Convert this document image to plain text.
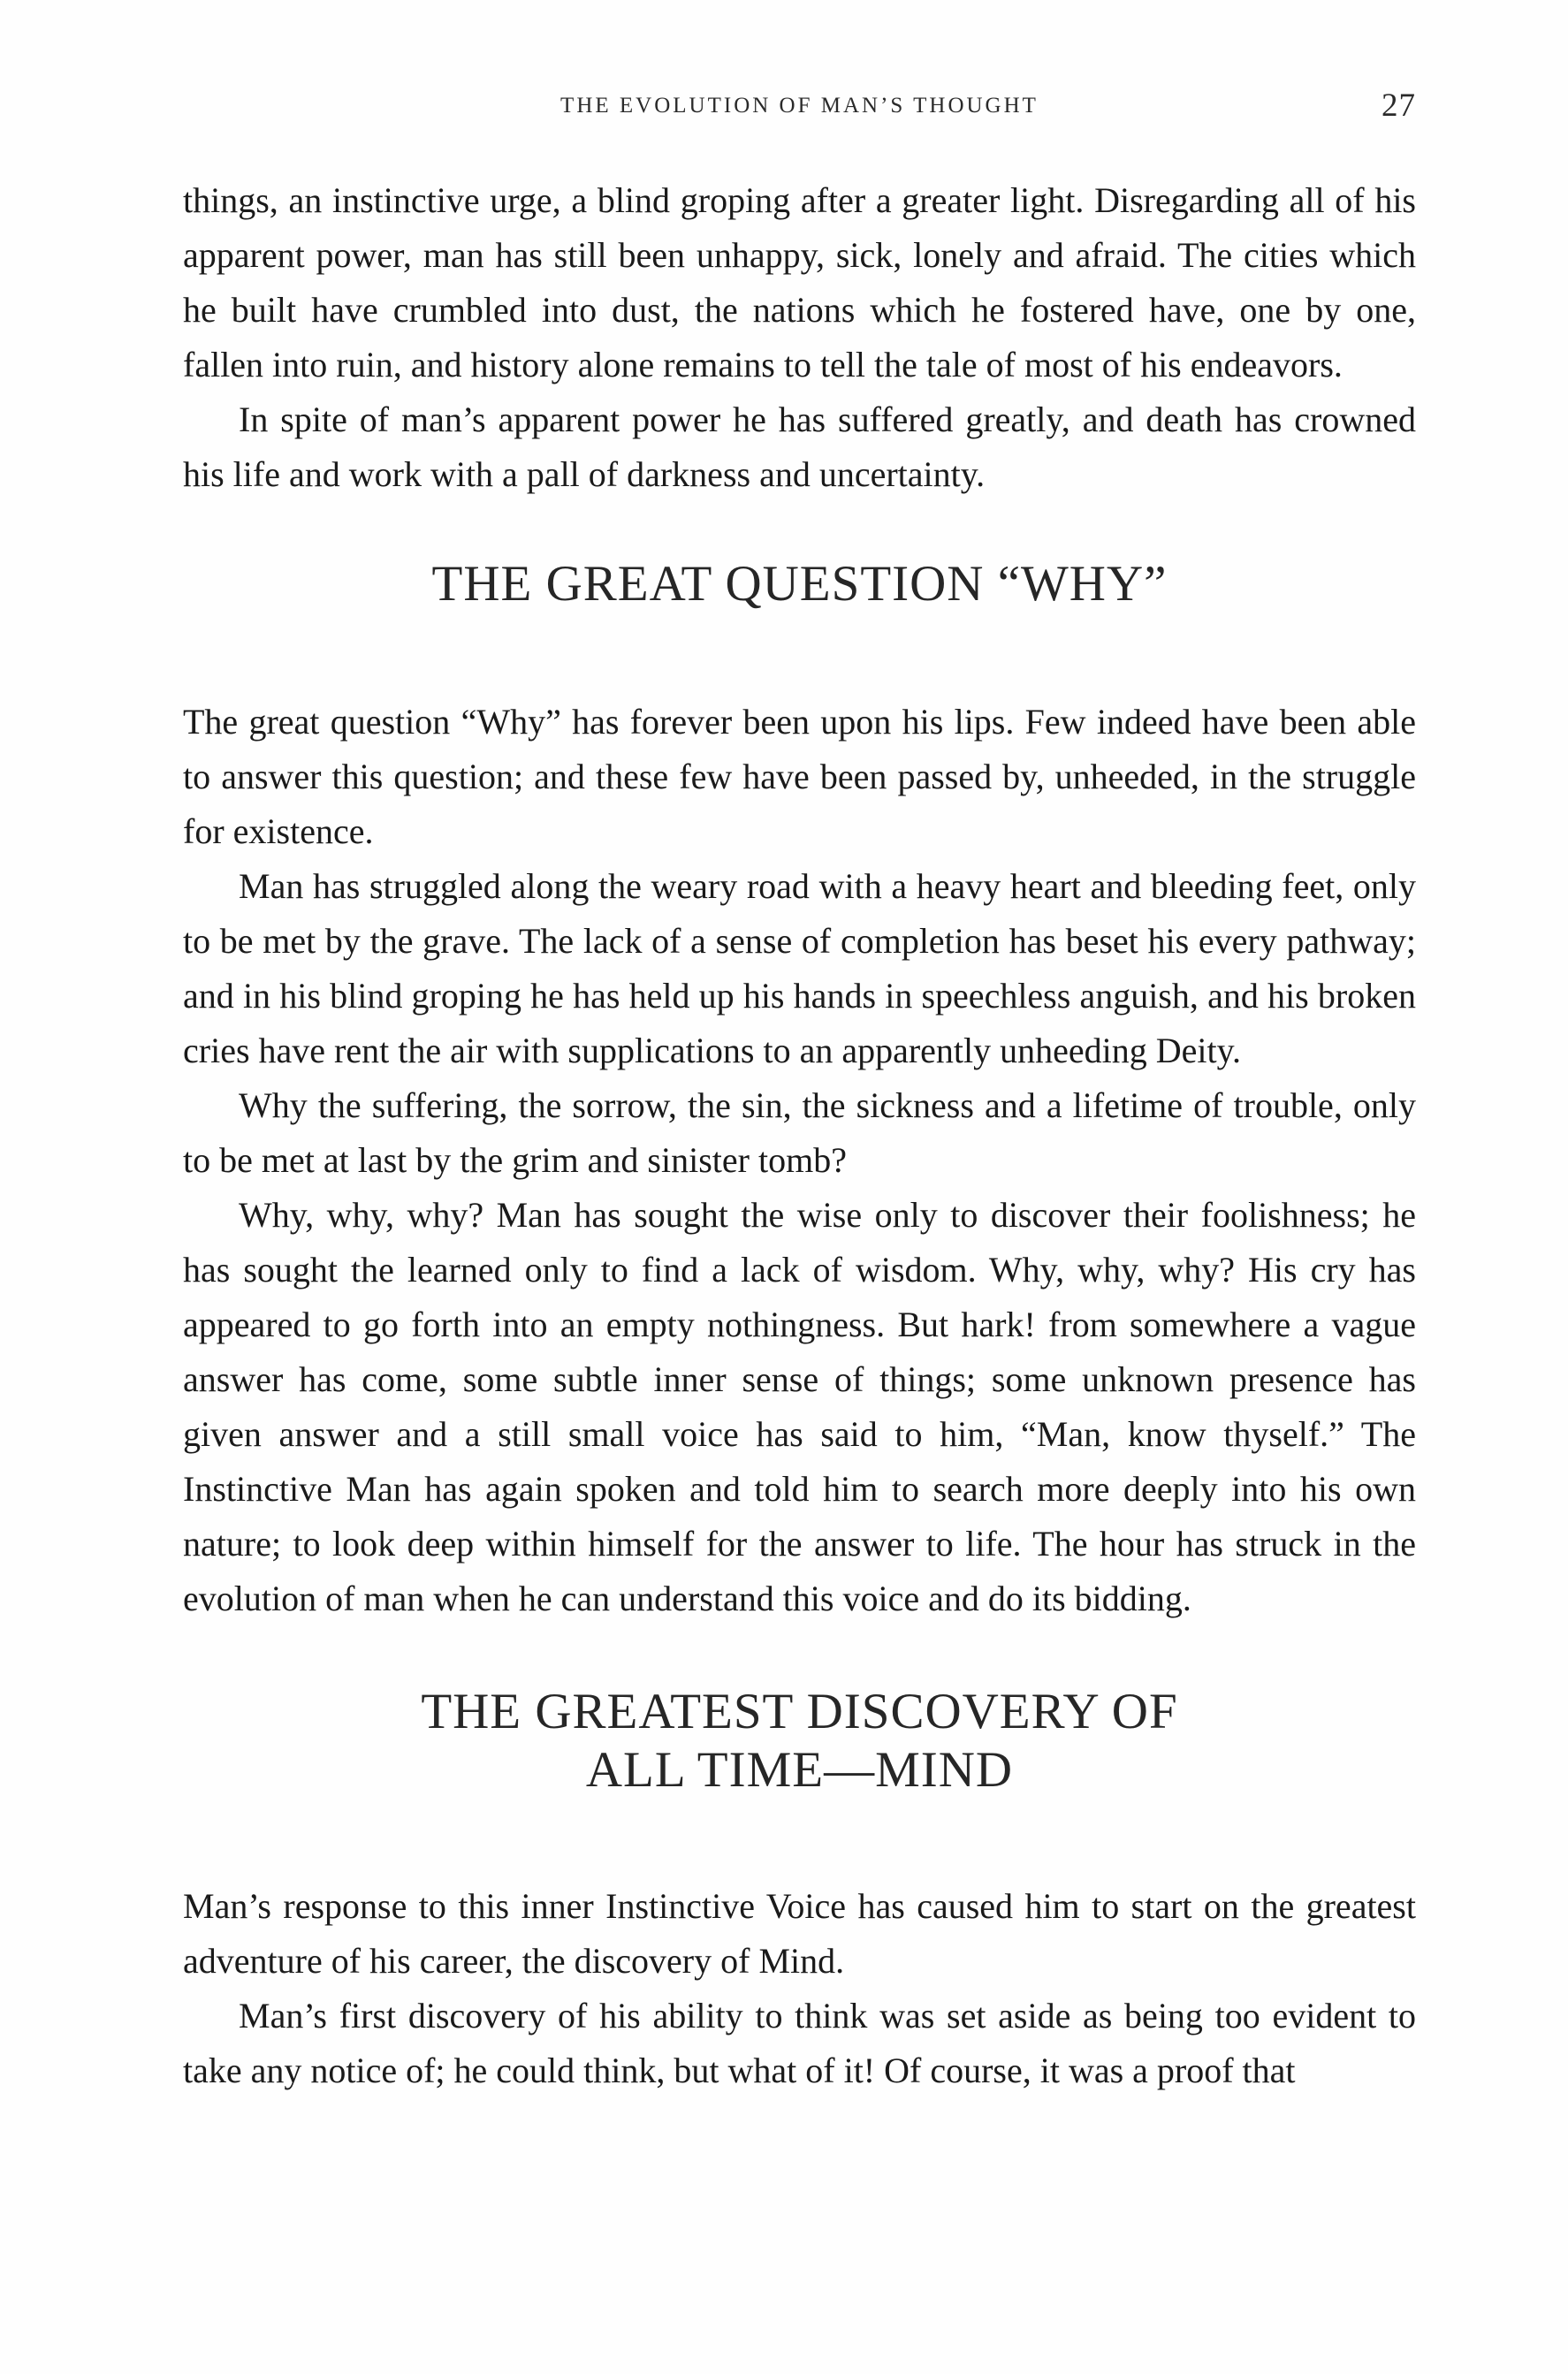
THE EVOLUTION OF MAN’S THOUGHT	27

things, an instinctive urge, a blind groping after a greater light. Disregarding all of his apparent power, man has still been unhappy, sick, lonely and afraid. The cities which he built have crumbled into dust, the nations which he fostered have, one by one, fallen into ruin, and history alone remains to tell the tale of most of his endeavors.

In spite of man’s apparent power he has suffered greatly, and death has crowned his life and work with a pall of darkness and uncertainty.

THE GREAT QUESTION “WHY”

The great question “Why” has forever been upon his lips. Few indeed have been able to answer this question; and these few have been passed by, unheeded, in the struggle for existence.

Man has struggled along the weary road with a heavy heart and bleeding feet, only to be met by the grave. The lack of a sense of completion has beset his every pathway; and in his blind groping he has held up his hands in speechless anguish, and his broken cries have rent the air with supplications to an apparently unheeding Deity.

Why the suffering, the sorrow, the sin, the sickness and a lifetime of trouble, only to be met at last by the grim and sinister tomb?

Why, why, why? Man has sought the wise only to discover their foolishness; he has sought the learned only to find a lack of wisdom. Why, why, why? His cry has appeared to go forth into an empty nothingness. But hark! from somewhere a vague answer has come, some subtle inner sense of things; some unknown presence has given answer and a still small voice has said to him, “Man, know thyself.” The Instinctive Man has again spoken and told him to search more deeply into his own nature; to look deep within himself for the answer to life. The hour has struck in the evolution of man when he can understand this voice and do its bidding.

THE GREATEST DISCOVERY OF
ALL TIME—MIND

Man’s response to this inner Instinctive Voice has caused him to start on the greatest adventure of his career, the discovery of Mind.

Man’s first discovery of his ability to think was set aside as being too evident to take any notice of; he could think, but what of it! Of course, it was a proof that
